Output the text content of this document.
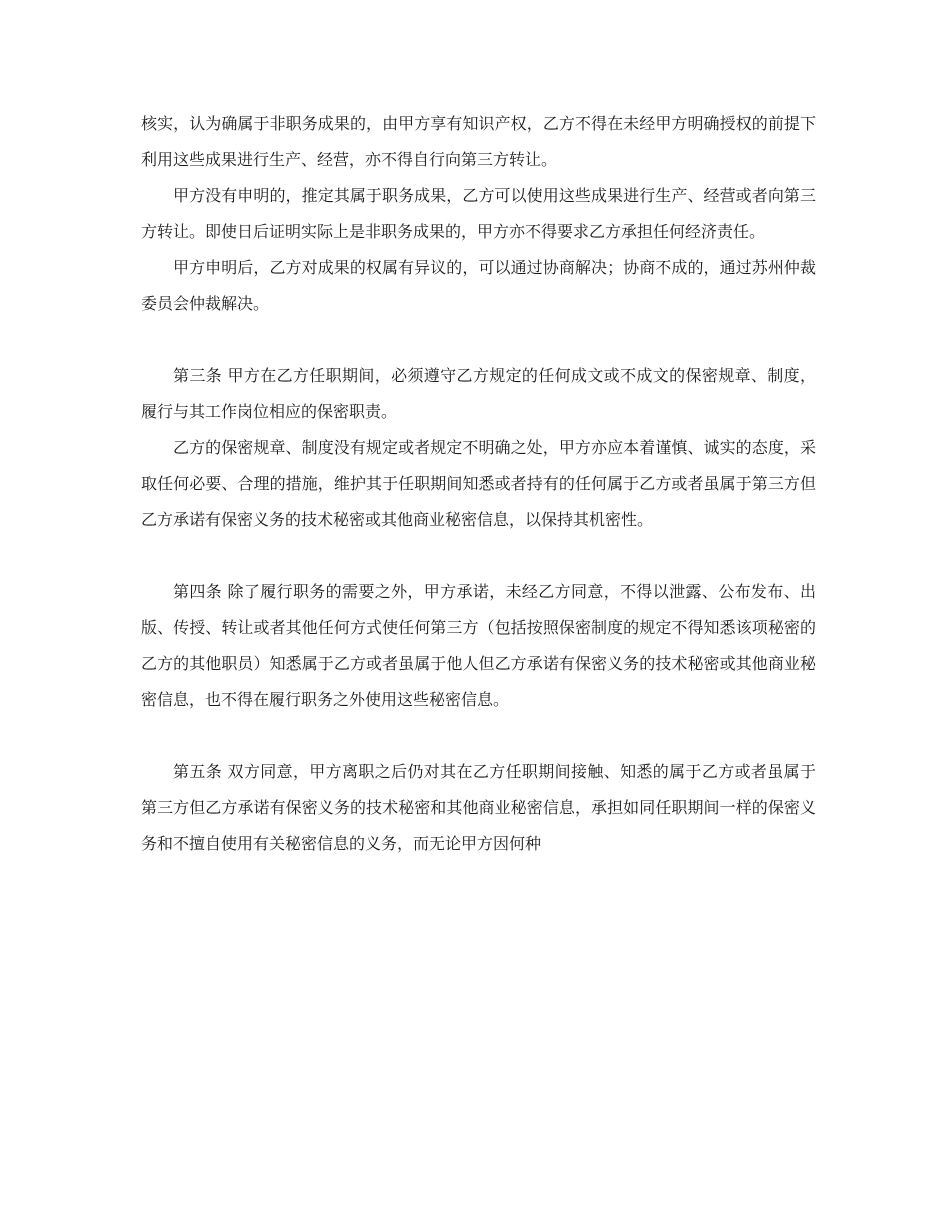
核实，认为确属于非职务成果的，由甲方享有知识产权，乙方不得在未经甲方明确授权的前提下利用这些成果进行生产、经营，亦不得自行向第三方转让。

甲方没有申明的，推定其属于职务成果，乙方可以使用这些成果进行生产、经营或者向第三方转让。即使日后证明实际上是非职务成果的，甲方亦不得要求乙方承担任何经济责任。

甲方申明后，乙方对成果的权属有异议的，可以通过协商解决；协商不成的，通过苏州仲裁委员会仲裁解决。

第三条 甲方在乙方任职期间，必须遵守乙方规定的任何成文或不成文的保密规章、制度，履行与其工作岗位相应的保密职责。

乙方的保密规章、制度没有规定或者规定不明确之处，甲方亦应本着谨慎、诚实的态度，采取任何必要、合理的措施，维护其于任职期间知悉或者持有的任何属于乙方或者虽属于第三方但乙方承诺有保密义务的技术秘密或其他商业秘密信息，以保持其机密性。

第四条 除了履行职务的需要之外，甲方承诺，未经乙方同意，不得以泄露、公布发布、出版、传授、转让或者其他任何方式使任何第三方（包括按照保密制度的规定不得知悉该项秘密的乙方的其他职员）知悉属于乙方或者虽属于他人但乙方承诺有保密义务的技术秘密或其他商业秘密信息，也不得在履行职务之外使用这些秘密信息。

第五条 双方同意，甲方离职之后仍对其在乙方任职期间接触、知悉的属于乙方或者虽属于第三方但乙方承诺有保密义务的技术秘密和其他商业秘密信息，承担如同任职期间一样的保密义务和不擅自使用有关秘密信息的义务，而无论甲方因何种
